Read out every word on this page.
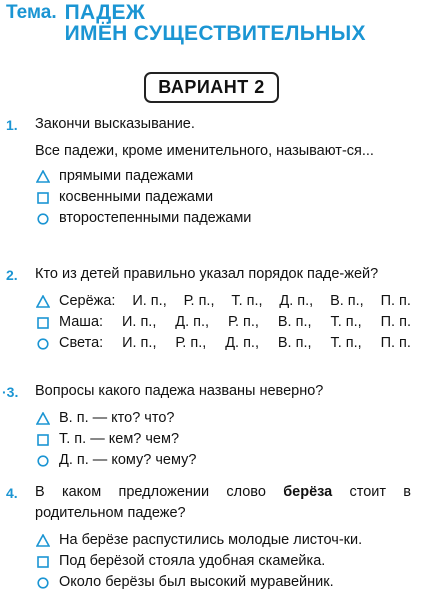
Тема. ПАДЕЖ
ИМЁН СУЩЕСТВИТЕЛЬНЫХ
ВАРИАНТ 2
1. Закончи высказывание.
Все падежи, кроме именительного, называют-ся...
прямыми падежами
косвенными падежами
второстепенными падежами
2. Кто из детей правильно указал порядок паде-жей?
Серёжа: И. п., Р. п., Т. п., Д. п., В. п., П. п.
Маша: И. п., Д. п., Р. п., В. п., Т. п., П. п.
Света: И. п., Р. п., Д. п., В. п., Т. п., П. п.
·3. Вопросы какого падежа названы неверно?
В. п. — кто? что?
Т. п. — кем? чем?
Д. п. — кому? чему?
4. В каком предложении слово берёза стоит в родительном падеже?
На берёзе распустились молодые листоч-ки.
Под берёзой стояла удобная скамейка.
Около берёзы был высокий муравейник.
